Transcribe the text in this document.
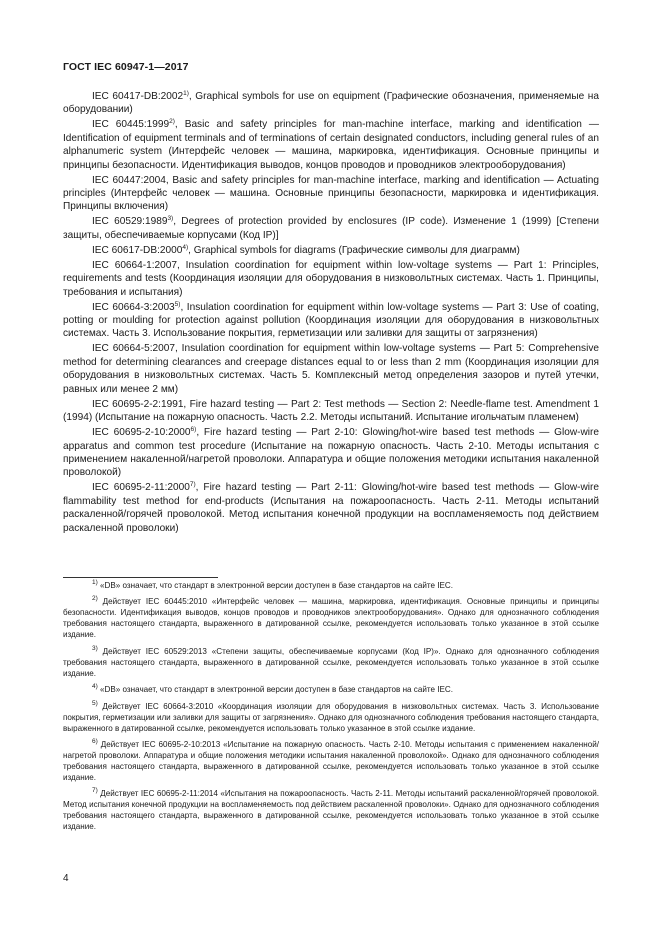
ГОСТ IEC 60947-1—2017

IEC 60417-DB:2002$^{1)}$, Graphical symbols for use on equipment (Графические обозначения, применяемые на оборудовании)

IEC 60445:1999$^{2)}$, Basic and safety principles for man-machine interface, marking and identification — Identification of equipment terminals and of terminations of certain designated conductors, including general rules of an alphanumeric system (Интерфейс человек — машина, маркировка, идентификация. Основные принципы и принципы безопасности. Идентификация выводов, концов проводов и проводников электрооборудования)

IEC 60447:2004, Basic and safety principles for man-machine interface, marking and identification — Actuating principles (Интерфейс человек — машина. Основные принципы безопасности, маркировка и идентификация. Принципы включения)

IEC 60529:1989$^{3)}$, Degrees of protection provided by enclosures (IP code). Изменение 1 (1999) [Степени защиты, обеспечиваемые корпусами (Код IP)]

IEC 60617-DB:2000$^{4)}$, Graphical symbols for diagrams (Графические символы для диаграмм)

IEC 60664-1:2007, Insulation coordination for equipment within low-voltage systems — Part 1: Principles, requirements and tests (Координация изоляции для оборудования в низковольтных системах. Часть 1. Принципы, требования и испытания)

IEC 60664-3:2003$^{5)}$, Insulation coordination for equipment within low-voltage systems — Part 3: Use of coating, potting or moulding for protection against pollution (Координация изоляции для оборудования в низковольтных системах. Часть 3. Использование покрытия, герметизации или заливки для защиты от загрязнения)

IEC 60664-5:2007, Insulation coordination for equipment within low-voltage systems — Part 5: Comprehensive method for determining clearances and creepage distances equal to or less than 2 mm (Координация изоляции для оборудования в низковольтных системах. Часть 5. Комплексный метод определения зазоров и путей утечки, равных или менее 2 мм)

IEC 60695-2-2:1991, Fire hazard testing — Part 2: Test methods — Section 2: Needle-flame test. Amendment 1 (1994) (Испытание на пожарную опасность. Часть 2.2. Методы испытаний. Испытание игольчатым пламенем)

IEC 60695-2-10:2000$^{6)}$, Fire hazard testing — Part 2-10: Glowing/hot-wire based test methods — Glow-wire apparatus and common test procedure (Испытание на пожарную опасность. Часть 2-10. Методы испытания с применением накаленной/нагретой проволоки. Аппаратура и общие положения методики испытания накаленной проволокой)

IEC 60695-2-11:2000$^{7)}$, Fire hazard testing — Part 2-11: Glowing/hot-wire based test methods — Glow-wire flammability test method for end-products (Испытания на пожароопасность. Часть 2-11. Методы испытаний раскаленной/горячей проволокой. Метод испытания конечной продукции на воспламеняемость под действием раскаленной проволоки)

$^{1)}$ «DB» означает, что стандарт в электронной версии доступен в базе стандартов на сайте IEC.

$^{2)}$ Действует IEC 60445:2010 «Интерфейс человек — машина, маркировка, идентификация. Основные принципы и принципы безопасности. Идентификация выводов, концов проводов и проводников электрооборудования». Однако для однозначного соблюдения требования настоящего стандарта, выраженного в датированной ссылке, рекомендуется использовать только указанное в этой ссылке издание.

$^{3)}$ Действует IEC 60529:2013 «Степени защиты, обеспечиваемые корпусами (Код IP)». Однако для однозначного соблюдения требования настоящего стандарта, выраженного в датированной ссылке, рекомендуется использовать только указанное в этой ссылке издание.

$^{4)}$ «DB» означает, что стандарт в электронной версии доступен в базе стандартов на сайте IEC.

$^{5)}$ Действует IEC 60664-3:2010 «Координация изоляции для оборудования в низковольтных системах. Часть 3. Использование покрытия, герметизации или заливки для защиты от загрязнения». Однако для однозначного соблюдения требования настоящего стандарта, выраженного в датированной ссылке, рекомендуется использовать только указанное в этой ссылке издание.

$^{6)}$ Действует IEC 60695-2-10:2013 «Испытание на пожарную опасность. Часть 2-10. Методы испытания с применением накаленной/нагретой проволоки. Аппаратура и общие положения методики испытания накаленной проволокой». Однако для однозначного соблюдения требования настоящего стандарта, выраженного в датированной ссылке, рекомендуется использовать только указанное в этой ссылке издание.

$^{7)}$ Действует IEC 60695-2-11:2014 «Испытания на пожароопасность. Часть 2-11. Методы испытаний раскаленной/горячей проволокой. Метод испытания конечной продукции на воспламеняемость под действием раскаленной проволоки». Однако для однозначного соблюдения требования настоящего стандарта, выраженного в датированной ссылке, рекомендуется использовать только указанное в этой ссылке издание.

4
